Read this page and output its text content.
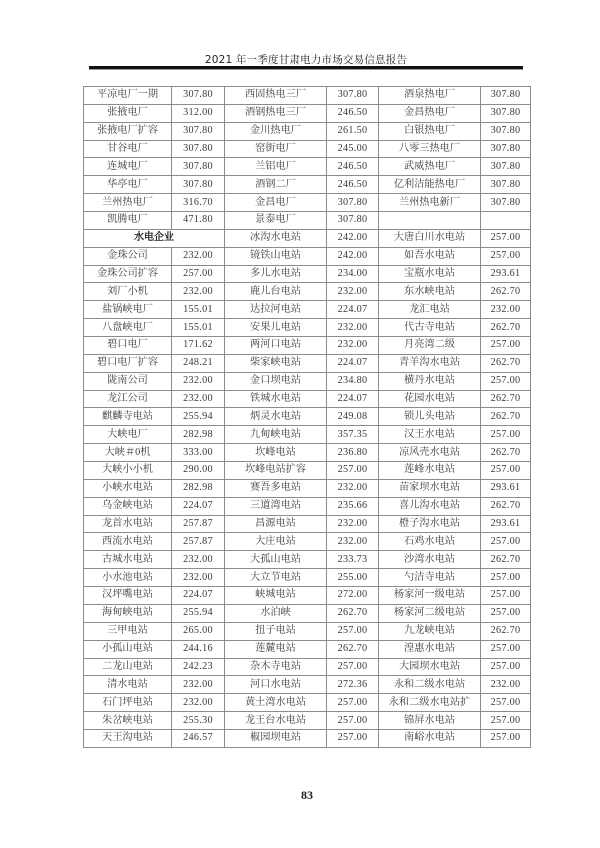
2021 年一季度甘肃电力市场交易信息报告
平凉电厂一期	307.80	西固热电三厂	307.80	酒泉热电厂	307.80
张掖电厂	312.00	酒钢热电三厂	246.50	金昌热电厂	307.80
张掖电厂扩容	307.80	金川热电厂	261.50	白银热电厂	307.80
甘谷电厂	307.80	窑街电厂	245.00	八零三热电厂	307.80
连城电厂	307.80	兰铝电厂	246.50	武威热电厂	307.80
华亭电厂	307.80	酒钢二厂	246.50	亿利洁能热电厂	307.80
兰州热电厂	316.70	金昌电厂	307.80	兰州热电新厂	307.80
凯腾电厂	471.80	景泰电厂	307.80		
水电企业		冰沟水电站	242.00	大唐白川水电站	257.00
金珠公司	232.00	镜铁山电站	242.00	如吾水电站	257.00
金珠公司扩容	257.00	多儿水电站	234.00	宝瓶水电站	293.61
刘厂小机	232.00	鹿儿台电站	232.00	东水峡电站	262.70
盐锅峡电厂	155.01	达拉河电站	224.07	龙汇电站	232.00
八盘峡电厂	155.01	安果儿电站	232.00	代古寺电站	262.70
碧口电厂	171.62	两河口电站	232.00	月亮湾二级	257.00
碧口电厂扩容	248.21	柴家峡电站	224.07	青羊沟水电站	262.70
陇南公司	232.00	金口坝电站	234.80	横丹水电站	257.00
龙江公司	232.00	铁城水电站	224.07	花园水电站	262.70
麒麟寺电站	255.94	炳灵水电站	249.08	锁儿头电站	262.70
大峡电厂	282.98	九甸峡电站	357.35	汉王水电站	257.00
大峡＃0机	333.00	坎峰电站	236.80	凉风壳水电站	262.70
大峡小小机	290.00	坎峰电站扩容	257.00	莲峰水电站	257.00
小峡水电站	282.98	赛吾多电站	232.00	苗家坝水电站	293.61
乌金峡电站	224.07	三道湾电站	235.66	喜儿沟水电站	262.70
龙首水电站	257.87	昌源电站	232.00	橙子沟水电站	293.61
西流水电站	257.87	大庄电站	232.00	石鸡水电站	257.00
古城水电站	232.00	大孤山电站	233.73	沙湾水电站	262.70
小水池电站	232.00	大立节电站	255.00	勺洁寺电站	257.00
汉坪嘴电站	224.07	峡城电站	272.00	杨家河一级电站	257.00
海甸峡电站	255.94	水泊峡	262.70	杨家河二级电站	257.00
三甲电站	265.00	扭子电站	257.00	九龙峡电站	262.70
小孤山电站	244.16	莲麓电站	262.70	湟惠水电站	257.00
二龙山电站	242.23	杂木寺电站	257.00	大园坝水电站	257.00
清水电站	232.00	河口水电站	272.36	永和二级水电站	232.00
石门坪电站	232.00	黄土湾水电站	257.00	永和二级水电站扩	257.00
朱岔峡电站	255.30	龙王台水电站	257.00	锦屏水电站	257.00
天王沟电站	246.57	椒园坝电站	257.00	南峪水电站	257.00
83
